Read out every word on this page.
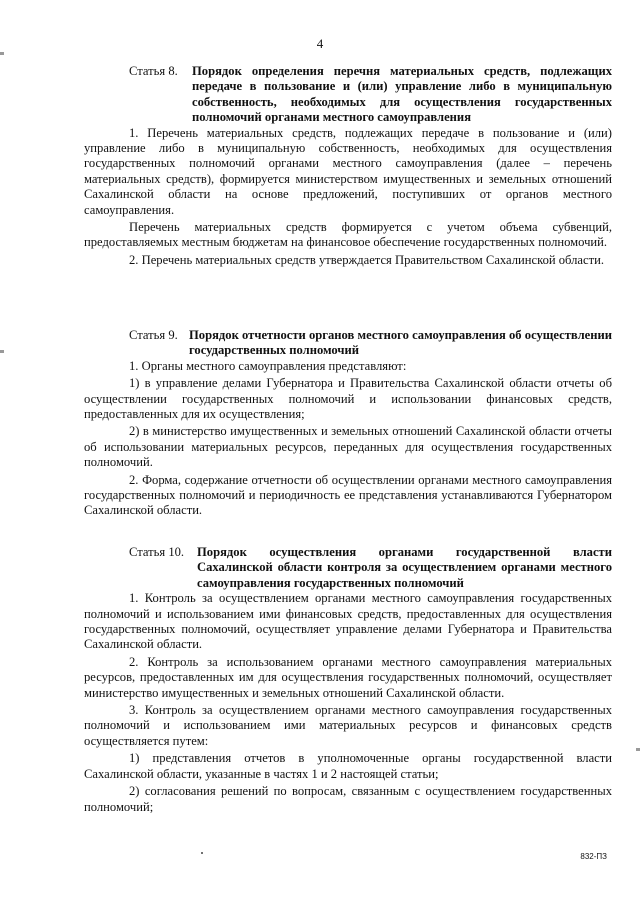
4
Статья 8.	Порядок определения перечня материальных средств, подлежащих передаче в пользование и (или) управление либо в муниципальную собственность, необходимых для осуществления государственных полномочий органами местного самоуправления

1. Перечень материальных средств, подлежащих передаче в пользование и (или) управление либо в муниципальную собственность, необходимых для осуществления государственных полномочий органами местного самоуправления (далее – перечень материальных средств), формируется министерством имущественных и земельных отношений Сахалинской области на основе предложений, поступивших от органов местного самоуправления.

Перечень материальных средств формируется с учетом объема субвенций, предоставляемых местным бюджетам на финансовое обеспечение государственных полномочий.

2. Перечень материальных средств утверждается Правительством Сахалинской области.

Статья 9. Порядок отчетности органов местного самоуправления об осуществлении государственных полномочий

1. Органы местного самоуправления представляют:

1) в управление делами Губернатора и Правительства Сахалинской области отчеты об осуществлении государственных полномочий и использовании финансовых средств, предоставленных для их осуществления;

2) в министерство имущественных и земельных отношений Сахалинской области отчеты об использовании материальных ресурсов, переданных для осуществления государственных полномочий.

2. Форма, содержание отчетности об осуществлении органами местного самоуправления государственных полномочий и периодичность ее представления устанавливаются Губернатором Сахалинской области.

Статья 10.	Порядок осуществления органами государственной власти Сахалинской области контроля за осуществлением органами местного самоуправления государственных полномочий

1. Контроль за осуществлением органами местного самоуправления государственных полномочий и использованием ими финансовых средств, предоставленных для осуществления государственных полномочий, осуществляет управление делами Губернатора и Правительства Сахалинской области.

2. Контроль за использованием органами местного самоуправления материальных ресурсов, предоставленных им для осуществления государственных полномочий, осуществляет министерство имущественных и земельных отношений Сахалинской области.

3. Контроль за осуществлением органами местного самоуправления государственных полномочий и использованием ими материальных ресурсов и финансовых средств осуществляется путем:

1) представления отчетов в уполномоченные органы государственной власти Сахалинской области, указанные в частях 1 и 2 настоящей статьи;

2) согласования решений по вопросам, связанным с осуществлением государственных полномочий;

832-ПЗ
